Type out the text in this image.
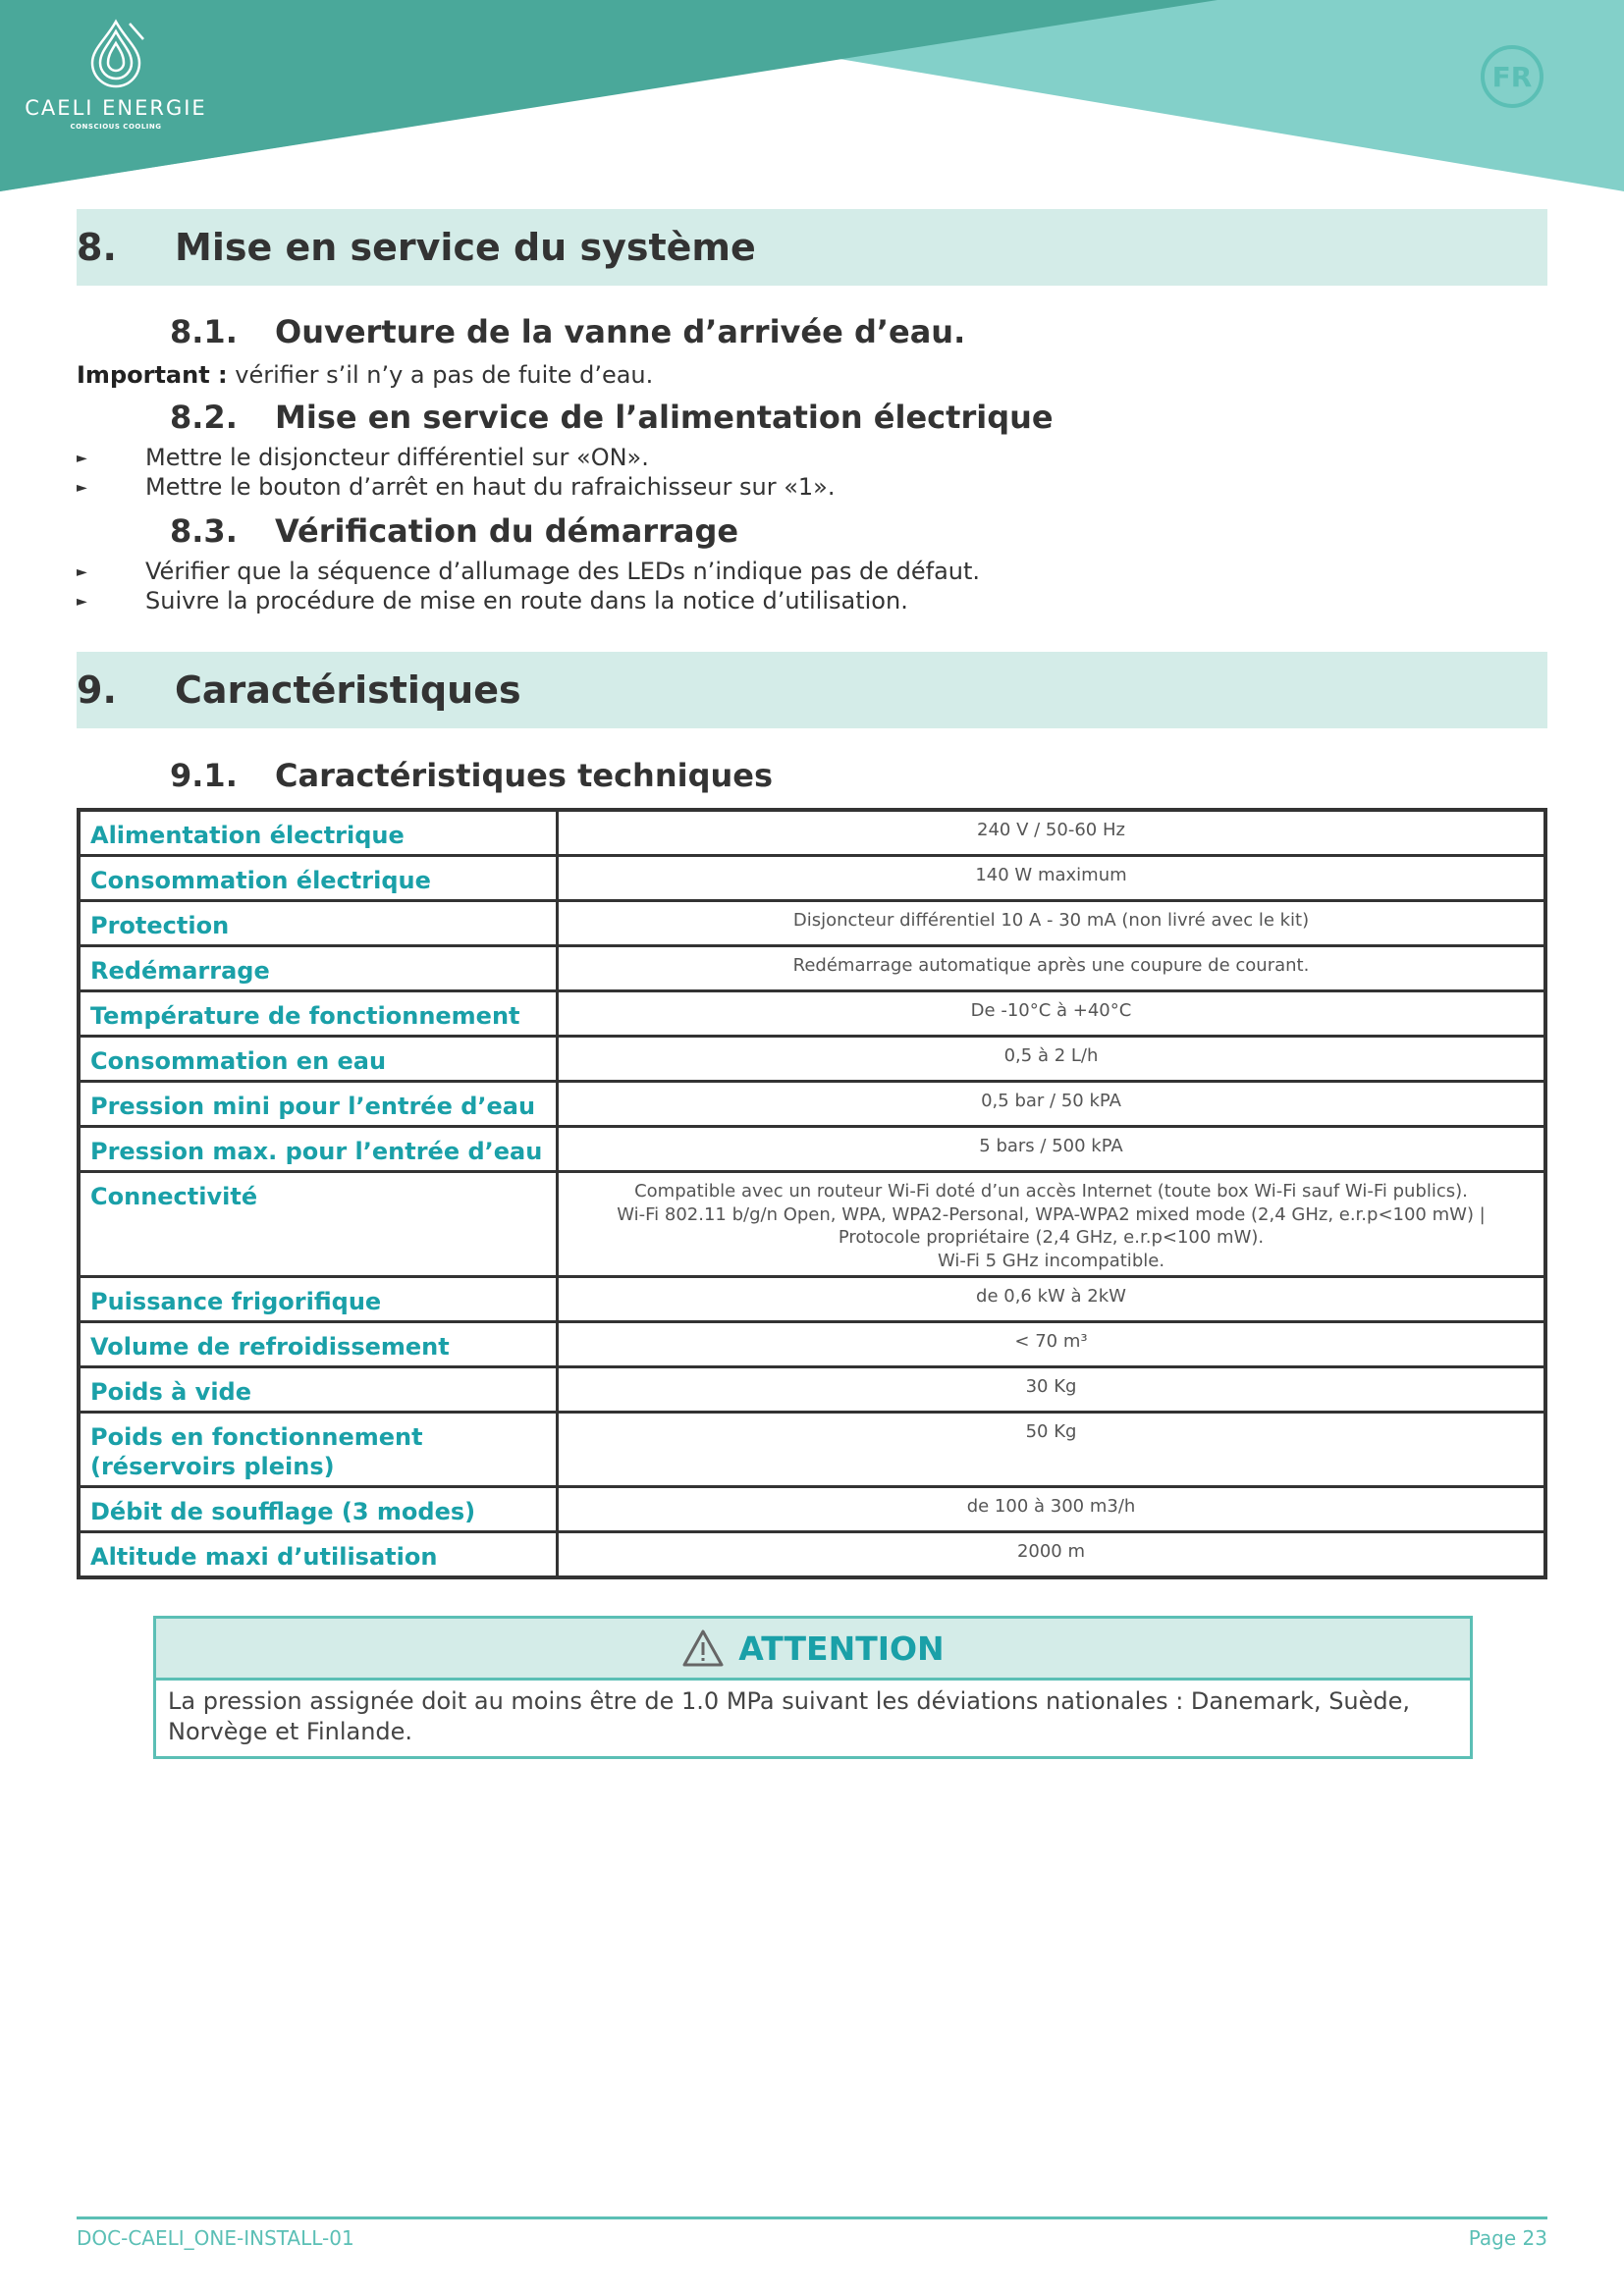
CAELI ENERGIE
CONSCIOUS COOLING
FR
8.	Mise en service du système
8.1. Ouverture de la vanne d’arrivée d’eau.
Important : vérifier s’il n’y a pas de fuite d’eau.
8.2. Mise en service de l’alimentation électrique
► Mettre le disjoncteur différentiel sur «ON».
► Mettre le bouton d’arrêt en haut du rafraichisseur sur «1».
8.3. Vérification du démarrage
► Vérifier que la séquence d’allumage des LEDs n’indique pas de défaut.
► Suivre la procédure de mise en route dans la notice d’utilisation.
9.	Caractéristiques
9.1. Caractéristiques techniques
Alimentation électrique	240 V / 50-60 Hz
Consommation électrique	140 W maximum
Protection	Disjoncteur différentiel 10 A - 30 mA (non livré avec le kit)
Redémarrage	Redémarrage automatique après une coupure de courant.
Température de fonctionnement	De -10°C à +40°C
Consommation en eau	0,5 à 2 L/h
Pression mini pour l’entrée d’eau	0,5 bar / 50 kPA
Pression max. pour l’entrée d’eau	5 bars / 500 kPA
Connectivité	Compatible avec un routeur Wi-Fi doté d’un accès Internet (toute box Wi-Fi sauf Wi-Fi publics).
Wi-Fi 802.11 b/g/n Open, WPA, WPA2-Personal, WPA-WPA2 mixed mode (2,4 GHz, e.r.p<100 mW) |
Protocole propriétaire (2,4 GHz, e.r.p<100 mW).
Wi-Fi 5 GHz incompatible.

Puissance frigorifique	de 0,6 kW à 2kW
Volume de refroidissement	< 70 m³
Poids à vide	30 Kg

Poids en fonctionnement
(réservoirs pleins)	50 Kg
Débit de soufflage (3 modes)	de 100 à 300 m3/h
Altitude maxi d’utilisation	2000 m
ATTENTION
La pression assignée doit au moins être de 1.0 MPa suivant les déviations nationales : Danemark, Suède, Norvège et Finlande.
DOC-CAELI_ONE-INSTALL-01	Page 23
